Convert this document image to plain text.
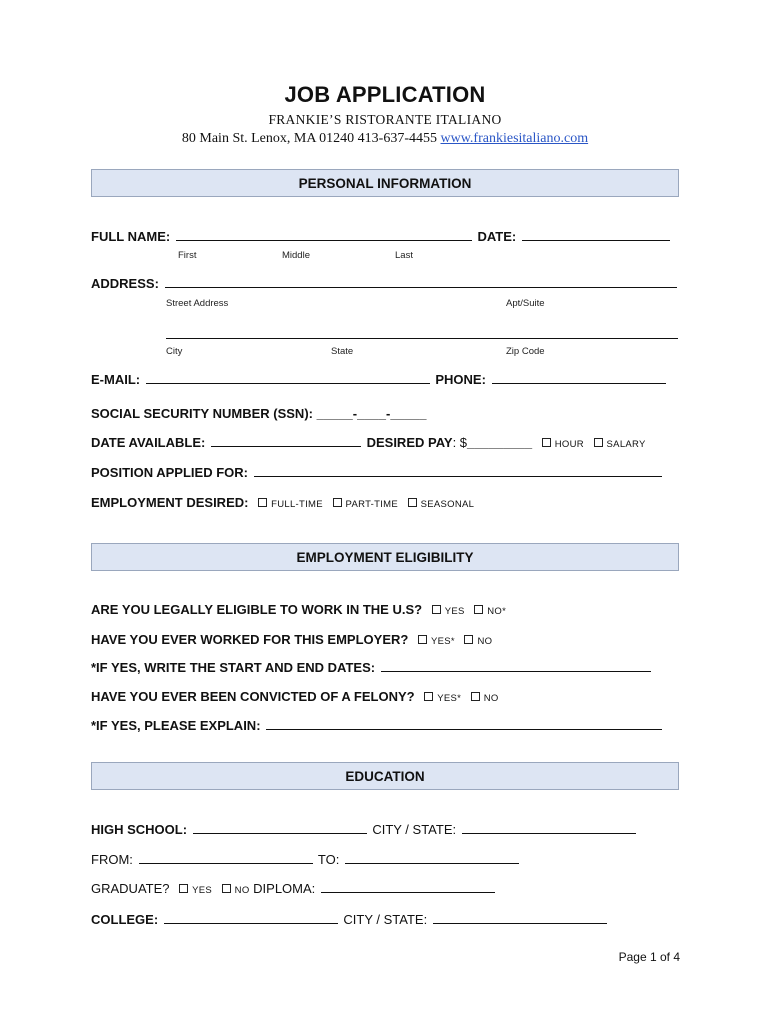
JOB APPLICATION
FRANKIE’S RISTORANTE ITALIANO
80 Main St. Lenox, MA 01240 413-637-4455 www.frankiesitaliano.com
PERSONAL INFORMATION
FULL NAME:	DATE:
First	Middle	Last
ADDRESS:
Street Address	Apt/Suite
City	State	Zip Code
E-MAIL:	PHONE:
SOCIAL SECURITY NUMBER (SSN): _____-____-_____
DATE AVAILABLE:	DESIRED PAY: $_________ HOUR SALARY
POSITION APPLIED FOR:
EMPLOYMENT DESIRED: FULL-TIME PART-TIME SEASONAL
EMPLOYMENT ELIGIBILITY
ARE YOU LEGALLY ELIGIBLE TO WORK IN THE U.S? YES NO*
HAVE YOU EVER WORKED FOR THIS EMPLOYER? YES* NO
*IF YES, WRITE THE START AND END DATES:
HAVE YOU EVER BEEN CONVICTED OF A FELONY? YES* NO
*IF YES, PLEASE EXPLAIN:
EDUCATION
HIGH SCHOOL:	CITY / STATE:
FROM:	TO:
GRADUATE? YES NO DIPLOMA:
COLLEGE:	CITY / STATE:
Page 1 of 4
